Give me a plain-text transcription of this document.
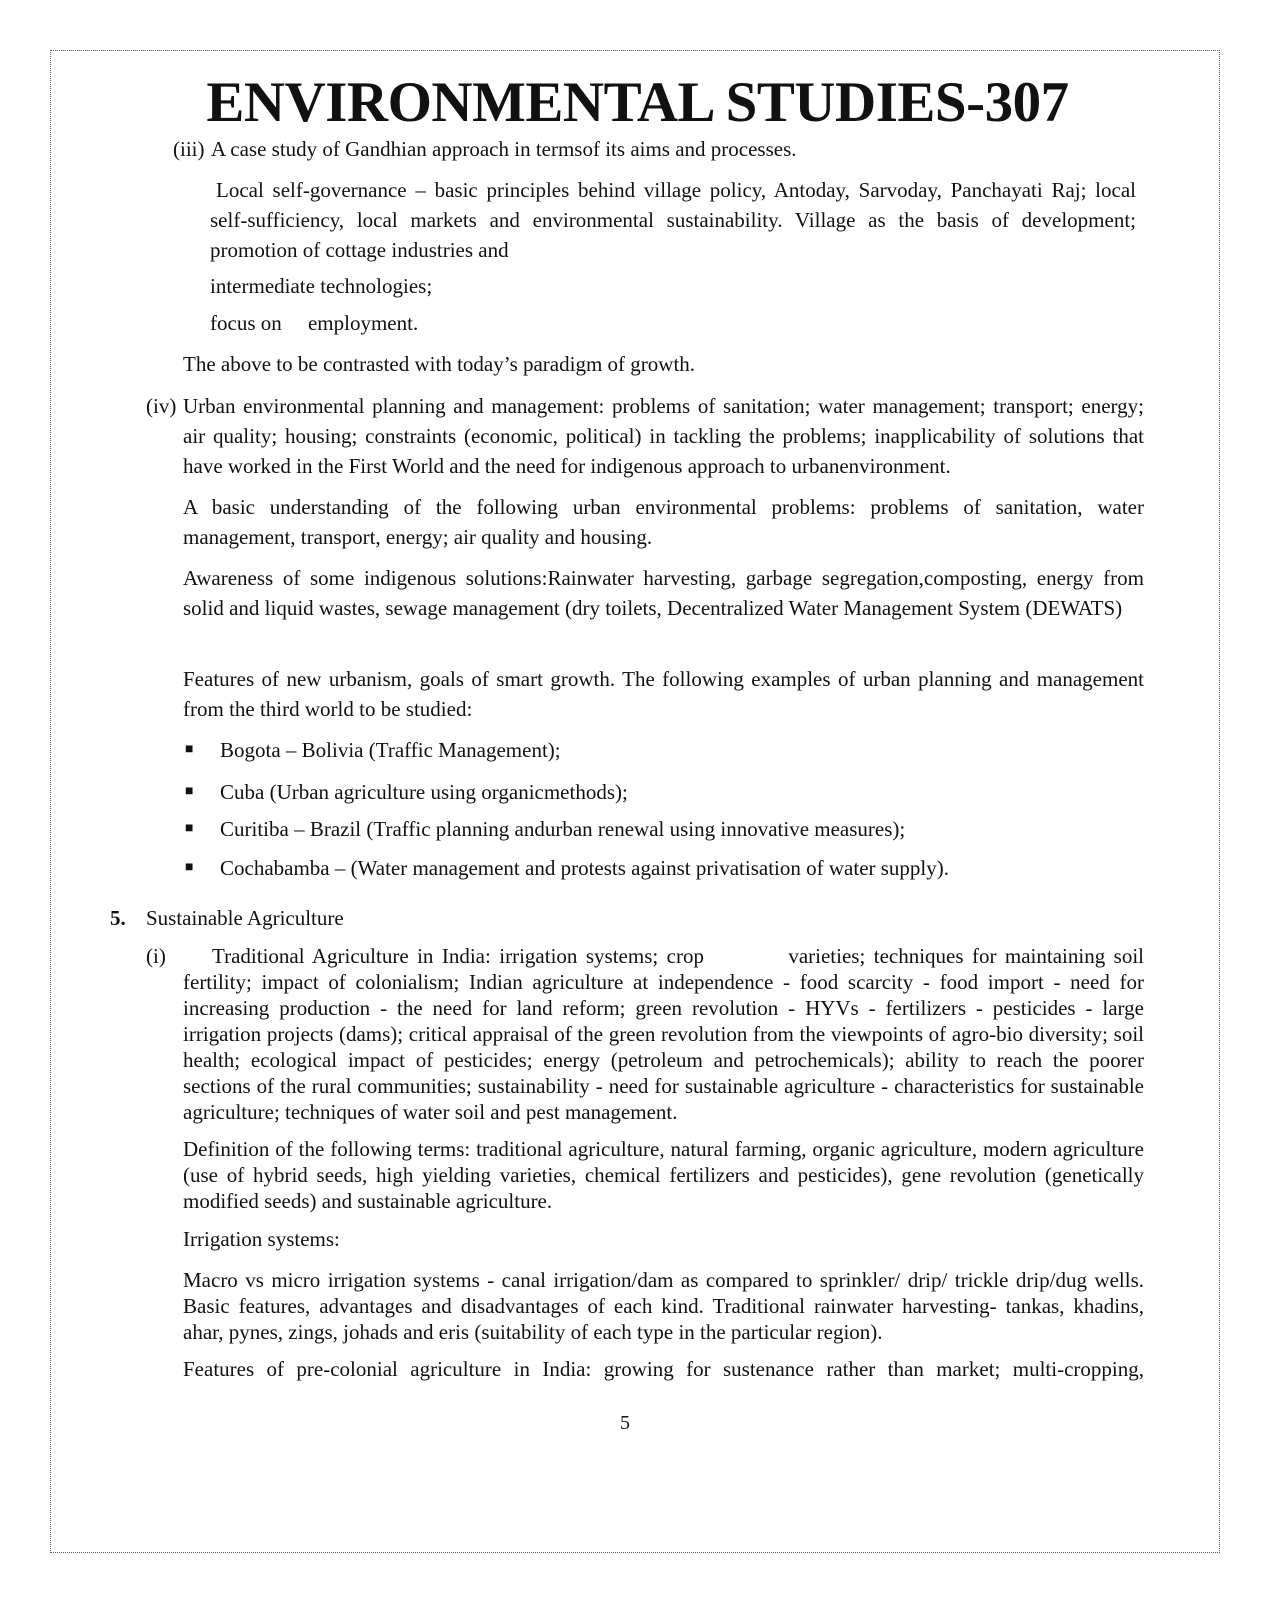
ENVIRONMENTAL STUDIES-307
(iii) A case study of Gandhian approach in termsof its aims and processes.

Local self-governance – basic principles behind village policy, Antoday, Sarvoday, Panchayati Raj; local self-sufficiency, local markets and environmental sustainability. Village as the basis of development; promotion of cottage industries and

intermediate technologies;

focus on     employment.

The above to be contrasted with today’s paradigm of growth.

(iv) Urban environmental planning and management: problems of sanitation; water management; transport; energy; air quality; housing; constraints (economic, political) in tackling the problems; inapplicability of solutions that have worked in the First World and the need for indigenous approach to urbanenvironment.

A basic understanding of the following urban environmental problems: problems of sanitation, water management, transport, energy; air quality and housing.

Awareness of some indigenous solutions:Rainwater harvesting, garbage segregation,composting, energy from solid and liquid wastes, sewage management (dry toilets, Decentralized Water Management System (DEWATS)

Features of new urbanism, goals of smart growth. The following examples of urban planning and management from the third world to be studied:

■ Bogota – Bolivia (Traffic Management);
■ Cuba (Urban agriculture using organicmethods);
■ Curitiba – Brazil (Traffic planning andurban renewal using innovative measures);
■ Cochabamba – (Water management and protests against privatisation of water supply).
5. Sustainable Agriculture
(i)	Traditional Agriculture in India: irrigation systems; crop          varieties; techniques for maintaining soil fertility; impact of colonialism; Indian agriculture at independence - food scarcity - food import - need for increasing production - the need for land reform; green revolution - HYVs - fertilizers - pesticides - large irrigation projects (dams); critical appraisal of the green revolution from the viewpoints of agro-bio diversity; soil health; ecological impact of pesticides; energy (petroleum and petrochemicals); ability to reach the poorer sections of the rural communities; sustainability - need for sustainable agriculture - characteristics for sustainable agriculture; techniques of water soil and pest management.

Definition of the following terms: traditional agriculture, natural farming, organic agriculture, modern agriculture (use of hybrid seeds, high yielding varieties, chemical fertilizers and pesticides), gene revolution (genetically modified seeds) and sustainable agriculture.

Irrigation systems:

Macro vs micro irrigation systems - canal irrigation/dam as compared to sprinkler/ drip/ trickle drip/dug wells. Basic features, advantages and disadvantages of each kind. Traditional rainwater harvesting- tankas, khadins, ahar, pynes, zings, johads and eris (suitability of each type in the particular region).

Features of pre-colonial agriculture in India: growing for sustenance rather than market; multi-cropping,

5
